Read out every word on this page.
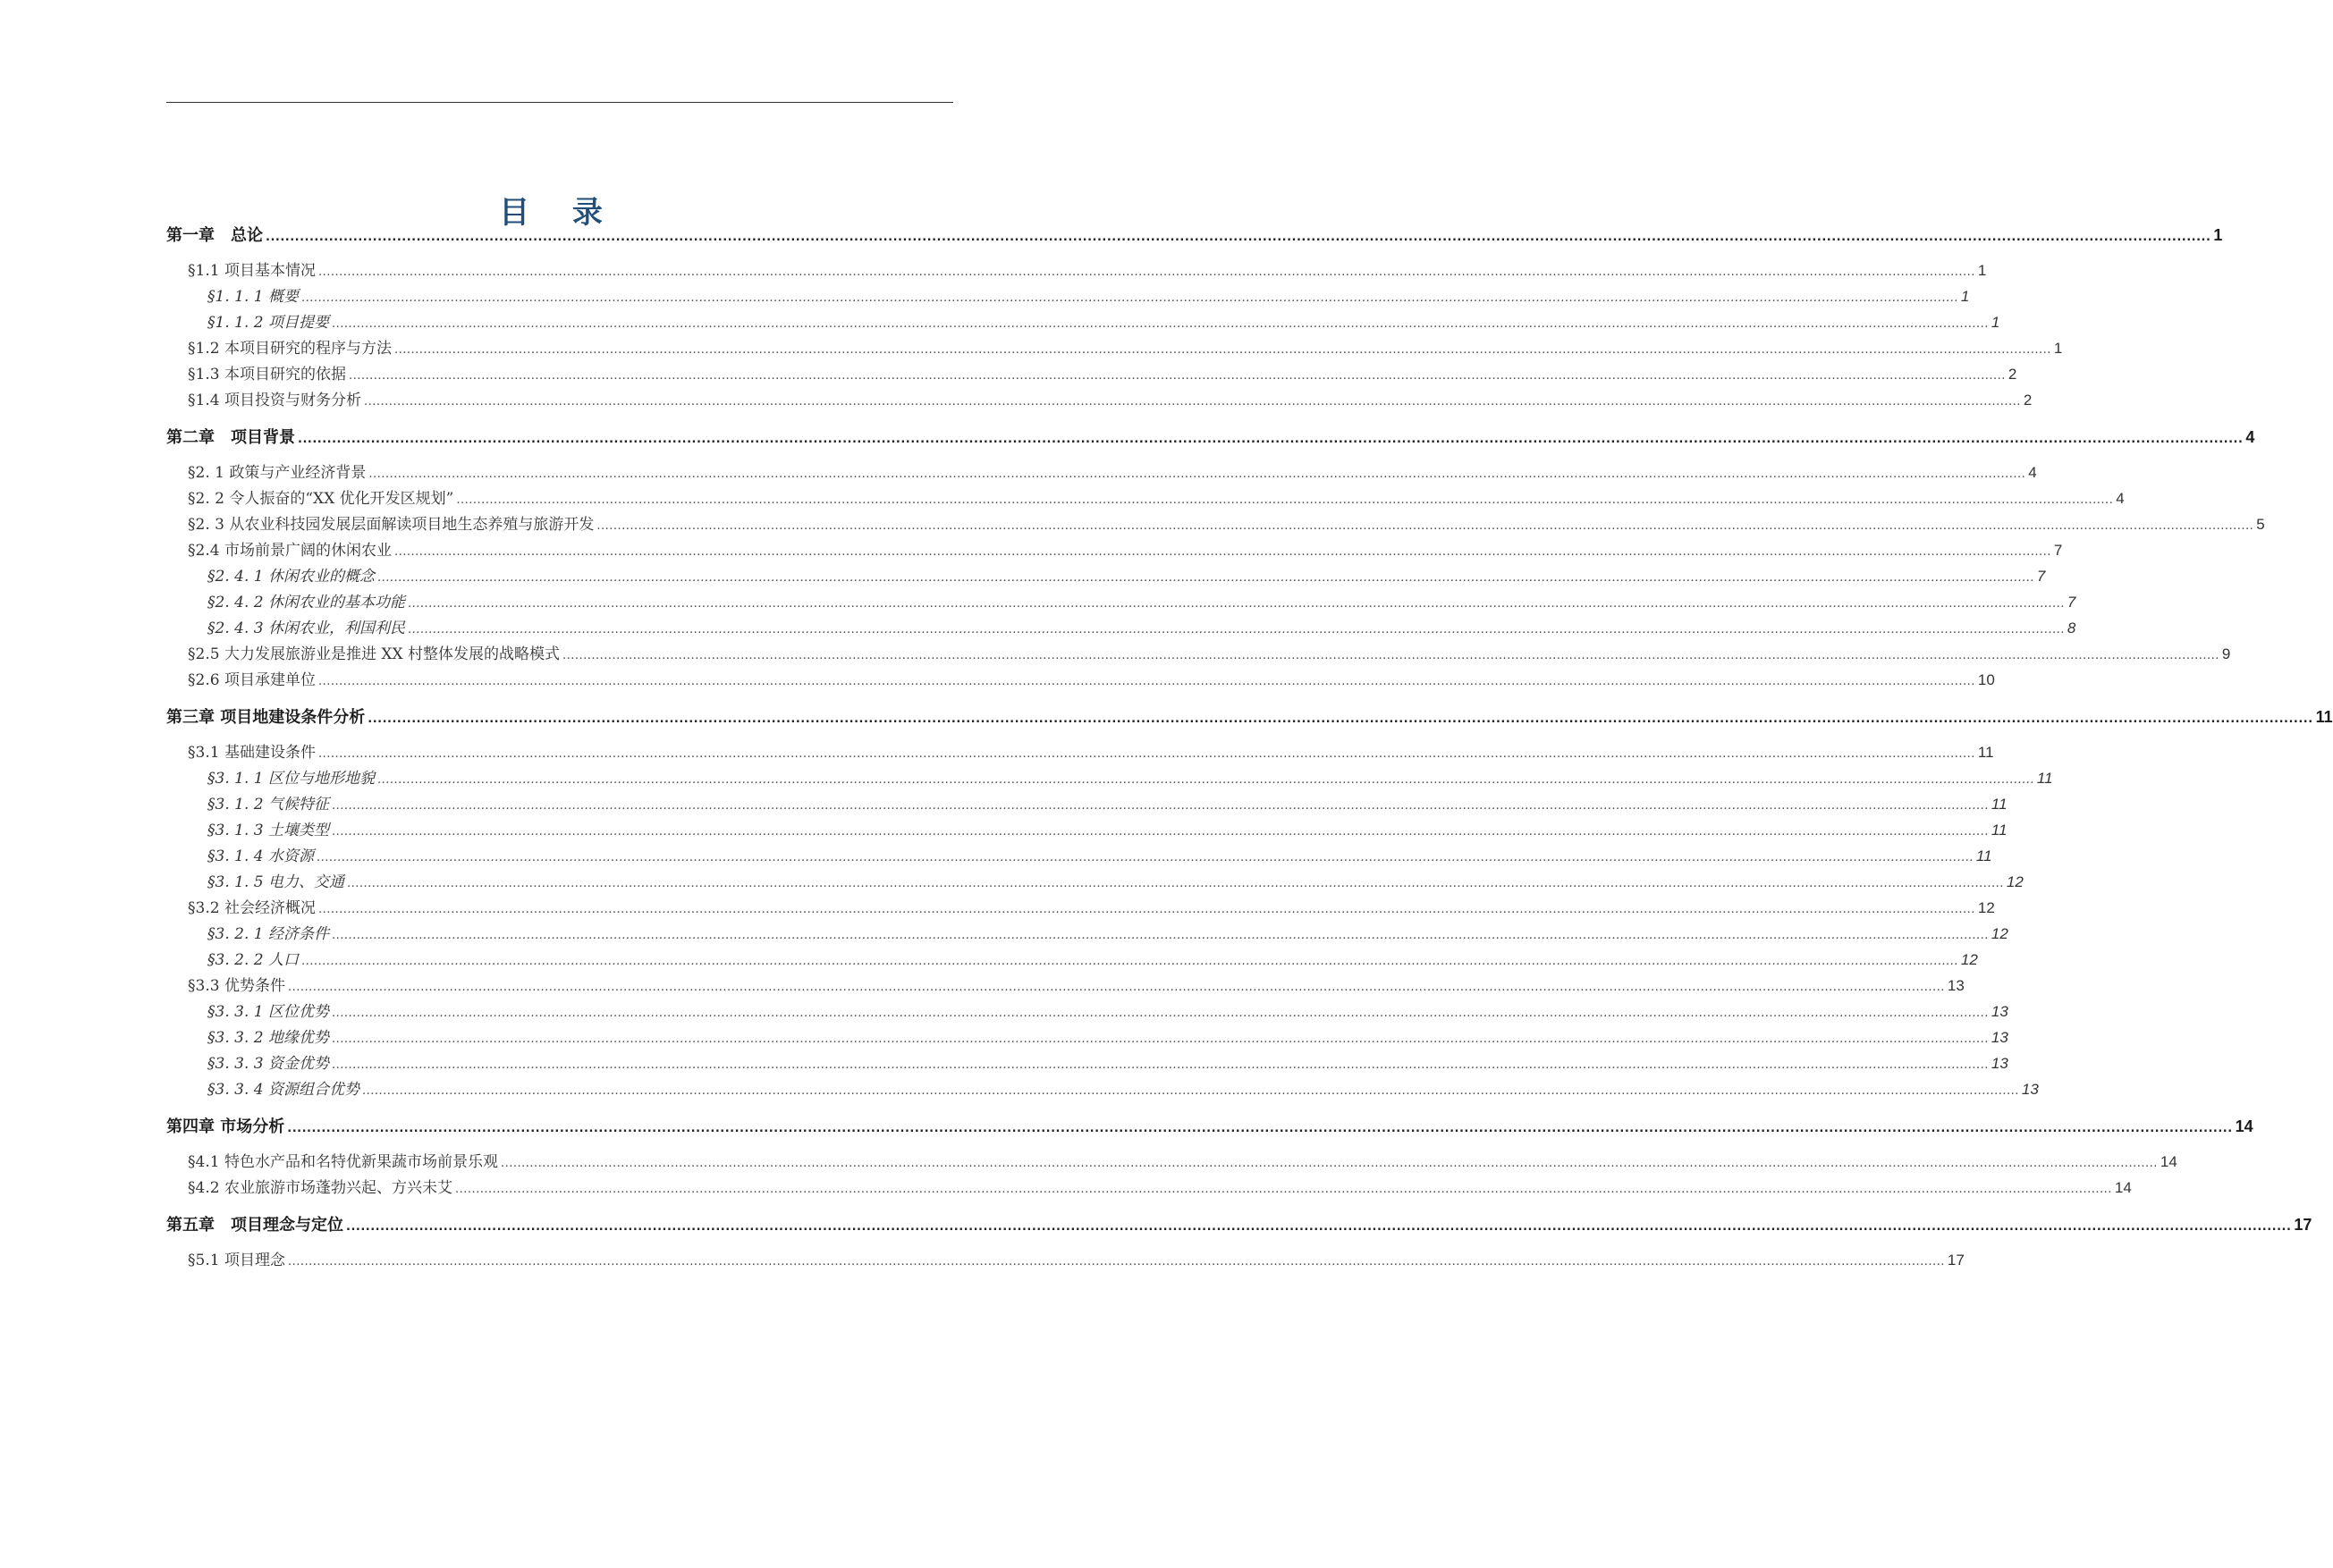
目 录
第一章　总论 ................................................................................................................................................................................................................................................................................................................................................................................................................ 1
§1.1 项目基本情况 ................................................................................................................................................................................................................................................................................................................................................................................................................ 1
§1. 1. 1 概要 ................................................................................................................................................................................................................................................................................................................................................................................................................ 1
§1. 1. 2 项目提要 ................................................................................................................................................................................................................................................................................................................................................................................................................ 1
§1.2 本项目研究的程序与方法 ................................................................................................................................................................................................................................................................................................................................................................................................................ 1
§1.3 本项目研究的依据 ................................................................................................................................................................................................................................................................................................................................................................................................................ 2
§1.4 项目投资与财务分析 ................................................................................................................................................................................................................................................................................................................................................................................................................ 2
第二章　项目背景 ................................................................................................................................................................................................................................................................................................................................................................................................................ 4
§2. 1 政策与产业经济背景 ................................................................................................................................................................................................................................................................................................................................................................................................................ 4
§2. 2 令人振奋的“XX 优化开发区规划” ................................................................................................................................................................................................................................................................................................................................................................................................................ 4
§2. 3 从农业科技园发展层面解读项目地生态养殖与旅游开发 ................................................................................................................................................................................................................................................................................................................................................................................................................ 5
§2.4 市场前景广阔的休闲农业 ................................................................................................................................................................................................................................................................................................................................................................................................................ 7
§2. 4. 1 休闲农业的概念 ................................................................................................................................................................................................................................................................................................................................................................................................................ 7
§2. 4. 2 休闲农业的基本功能 ................................................................................................................................................................................................................................................................................................................................................................................................................ 7
§2. 4. 3 休闲农业，利国利民 ................................................................................................................................................................................................................................................................................................................................................................................................................ 8
§2.5 大力发展旅游业是推进 XX 村整体发展的战略模式 ................................................................................................................................................................................................................................................................................................................................................................................................................ 9
§2.6 项目承建单位 ................................................................................................................................................................................................................................................................................................................................................................................................................ 10
第三章 项目地建设条件分析 ................................................................................................................................................................................................................................................................................................................................................................................................................ 11
§3.1 基础建设条件 ................................................................................................................................................................................................................................................................................................................................................................................................................ 11
§3. 1. 1 区位与地形地貌 ................................................................................................................................................................................................................................................................................................................................................................................................................ 11
§3. 1. 2 气候特征 ................................................................................................................................................................................................................................................................................................................................................................................................................ 11
§3. 1. 3 土壤类型 ................................................................................................................................................................................................................................................................................................................................................................................................................ 11
§3. 1. 4 水资源 ................................................................................................................................................................................................................................................................................................................................................................................................................ 11
§3. 1. 5 电力、交通 ................................................................................................................................................................................................................................................................................................................................................................................................................ 12
§3.2 社会经济概况 ................................................................................................................................................................................................................................................................................................................................................................................................................ 12
§3. 2. 1 经济条件 ................................................................................................................................................................................................................................................................................................................................................................................................................ 12
§3. 2. 2 人口 ................................................................................................................................................................................................................................................................................................................................................................................................................ 12
§3.3 优势条件 ................................................................................................................................................................................................................................................................................................................................................................................................................ 13
§3. 3. 1 区位优势 ................................................................................................................................................................................................................................................................................................................................................................................................................ 13
§3. 3. 2 地缘优势 ................................................................................................................................................................................................................................................................................................................................................................................................................ 13
§3. 3. 3 资金优势 ................................................................................................................................................................................................................................................................................................................................................................................................................ 13
§3. 3. 4 资源组合优势 ................................................................................................................................................................................................................................................................................................................................................................................................................ 13
第四章 市场分析 ................................................................................................................................................................................................................................................................................................................................................................................................................ 14
§4.1 特色水产品和名特优新果蔬市场前景乐观 ................................................................................................................................................................................................................................................................................................................................................................................................................ 14
§4.2 农业旅游市场蓬勃兴起、方兴未艾 ................................................................................................................................................................................................................................................................................................................................................................................................................ 14
第五章　项目理念与定位 ................................................................................................................................................................................................................................................................................................................................................................................................................ 17
§5.1 项目理念 ................................................................................................................................................................................................................................................................................................................................................................................................................ 17
